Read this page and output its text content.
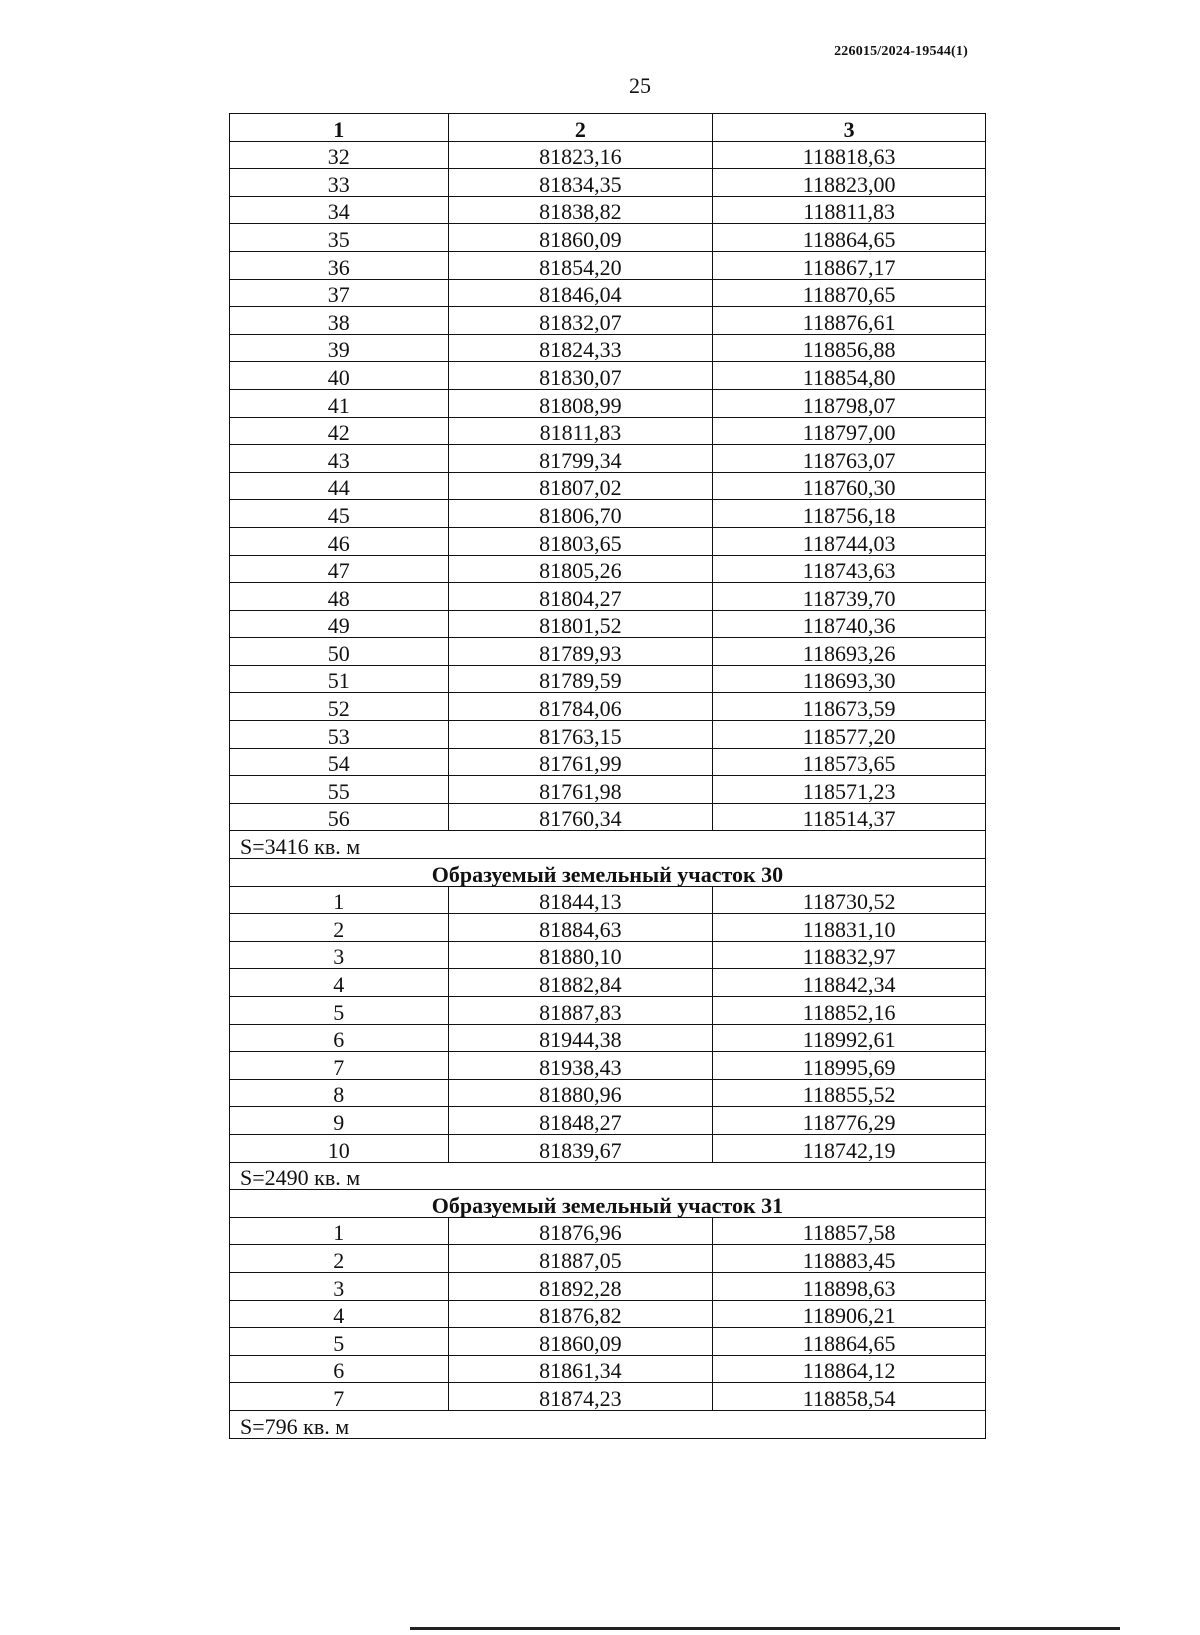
226015/2024-19544(1)
25
1	2	3
32	81823,16	118818,63
33	81834,35	118823,00
34	81838,82	118811,83
35	81860,09	118864,65
36	81854,20	118867,17
37	81846,04	118870,65
38	81832,07	118876,61
39	81824,33	118856,88
40	81830,07	118854,80
41	81808,99	118798,07
42	81811,83	118797,00
43	81799,34	118763,07
44	81807,02	118760,30
45	81806,70	118756,18
46	81803,65	118744,03
47	81805,26	118743,63
48	81804,27	118739,70
49	81801,52	118740,36
50	81789,93	118693,26
51	81789,59	118693,30
52	81784,06	118673,59
53	81763,15	118577,20
54	81761,99	118573,65
55	81761,98	118571,23
56	81760,34	118514,37
S=3416 кв. м		
Образуемый земельный участок 30		
1	81844,13	118730,52
2	81884,63	118831,10
3	81880,10	118832,97
4	81882,84	118842,34
5	81887,83	118852,16
6	81944,38	118992,61
7	81938,43	118995,69
8	81880,96	118855,52
9	81848,27	118776,29
10	81839,67	118742,19
S=2490 кв. м		
Образуемый земельный участок 31		
1	81876,96	118857,58
2	81887,05	118883,45
3	81892,28	118898,63
4	81876,82	118906,21
5	81860,09	118864,65
6	81861,34	118864,12
7	81874,23	118858,54
S=796 кв. м		
